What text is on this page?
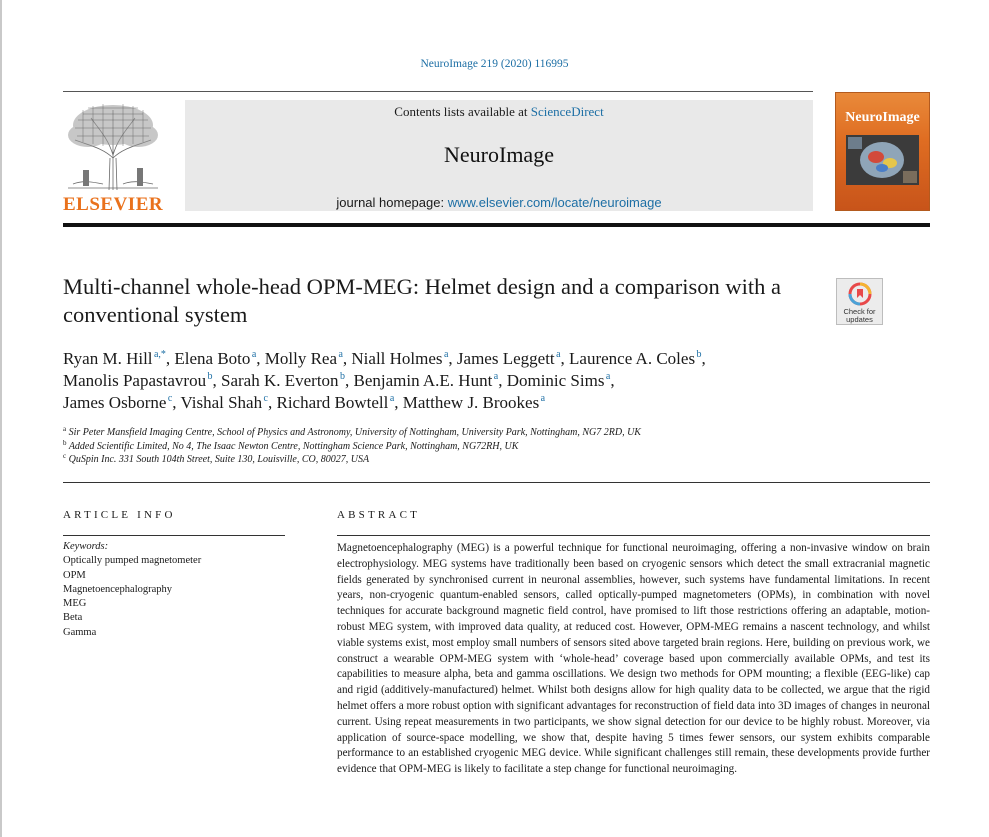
NeuroImage 219 (2020) 116995
ELSEVIER
Contents lists available at ScienceDirect
NeuroImage
journal homepage: www.elsevier.com/locate/neuroimage
NeuroImage
Multi-channel whole-head OPM-MEG: Helmet design and a comparison with a conventional system	Check for
updates
Ryan M. Hill $^{a,*}$, Elena Boto $^a$, Molly Rea $^a$, Niall Holmes $^a$, James Leggett $^a$, Laurence A. Coles $^b$,
Manolis Papastavrou $^b$, Sarah K. Everton $^b$, Benjamin A.E. Hunt $^a$, Dominic Sims $^a$,
James Osborne $^c$, Vishal Shah $^c$, Richard Bowtell $^a$, Matthew J. Brookes $^a$
$^a$ Sir Peter Mansfield Imaging Centre, School of Physics and Astronomy, University of Nottingham, University Park, Nottingham, NG7 2RD, UK
$^b$ Added Scientific Limited, No 4, The Isaac Newton Centre, Nottingham Science Park, Nottingham, NG72RH, UK
$^c$ QuSpin Inc. 331 South 104th Street, Suite 130, Louisville, CO, 80027, USA
ARTICLE INFO
Keywords:
Optically pumped magnetometer
OPM
Magnetoencephalography
MEG
Beta
Gamma
ABSTRACT
Magnetoencephalography (MEG) is a powerful technique for functional neuroimaging, offering a non-invasive window on brain electrophysiology. MEG systems have traditionally been based on cryogenic sensors which detect the small extracranial magnetic fields generated by synchronised current in neuronal assemblies, however, such systems have fundamental limitations. In recent years, non-cryogenic quantum-enabled sensors, called optically-pumped magnetometers (OPMs), in combination with novel techniques for accurate background magnetic field control, have promised to lift those restrictions offering an adaptable, motion-robust MEG system, with improved data quality, at reduced cost. However, OPM-MEG remains a nascent technology, and whilst viable systems exist, most employ small numbers of sensors sited above targeted brain regions. Here, building on previous work, we construct a wearable OPM-MEG system with ‘whole-head’ coverage based upon commercially available OPMs, and test its capabilities to measure alpha, beta and gamma oscillations. We design two methods for OPM mounting; a flexible (EEG-like) cap and rigid (additively-manufactured) helmet. Whilst both designs allow for high quality data to be collected, we argue that the rigid helmet offers a more robust option with significant advantages for reconstruction of field data into 3D images of changes in neuronal current. Using repeat measurements in two participants, we show signal detection for our device to be highly robust. Moreover, via application of source-space modelling, we show that, despite having 5 times fewer sensors, our system exhibits comparable performance to an established cryogenic MEG device. While significant challenges still remain, these developments provide further evidence that OPM-MEG is likely to facilitate a step change for functional neuroimaging.
